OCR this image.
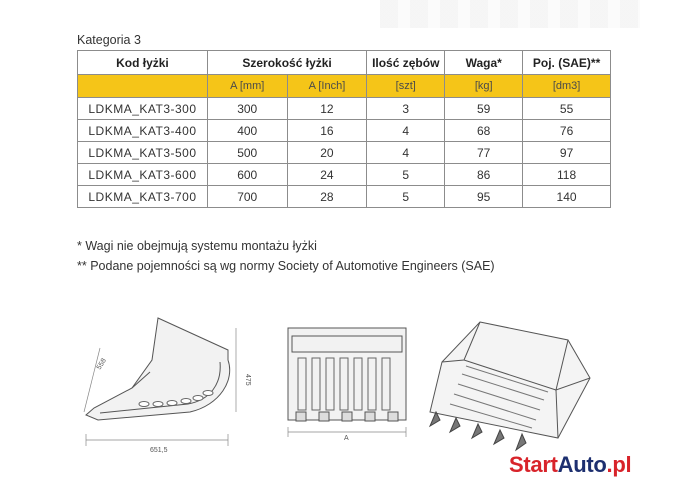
Kategoria 3
Kod łyżki	Szerokość łyżki		Ilość zębów	Waga*	Poj. (SAE)**
	A [mm]	A [Inch]	[szt]	[kg]	[dm3]
LDKMA_KAT3-300	300	12	3	59	55
LDKMA_KAT3-400	400	16	4	68	76
LDKMA_KAT3-500	500	20	4	77	97
LDKMA_KAT3-600	600	24	5	86	118
LDKMA_KAT3-700	700	28	5	95	140
* Wagi nie obejmują systemu montażu łyżki
** Podane pojemności są wg normy Society of Automotive Engineers (SAE)
558
475
651,5
A
StartAuto.pl
